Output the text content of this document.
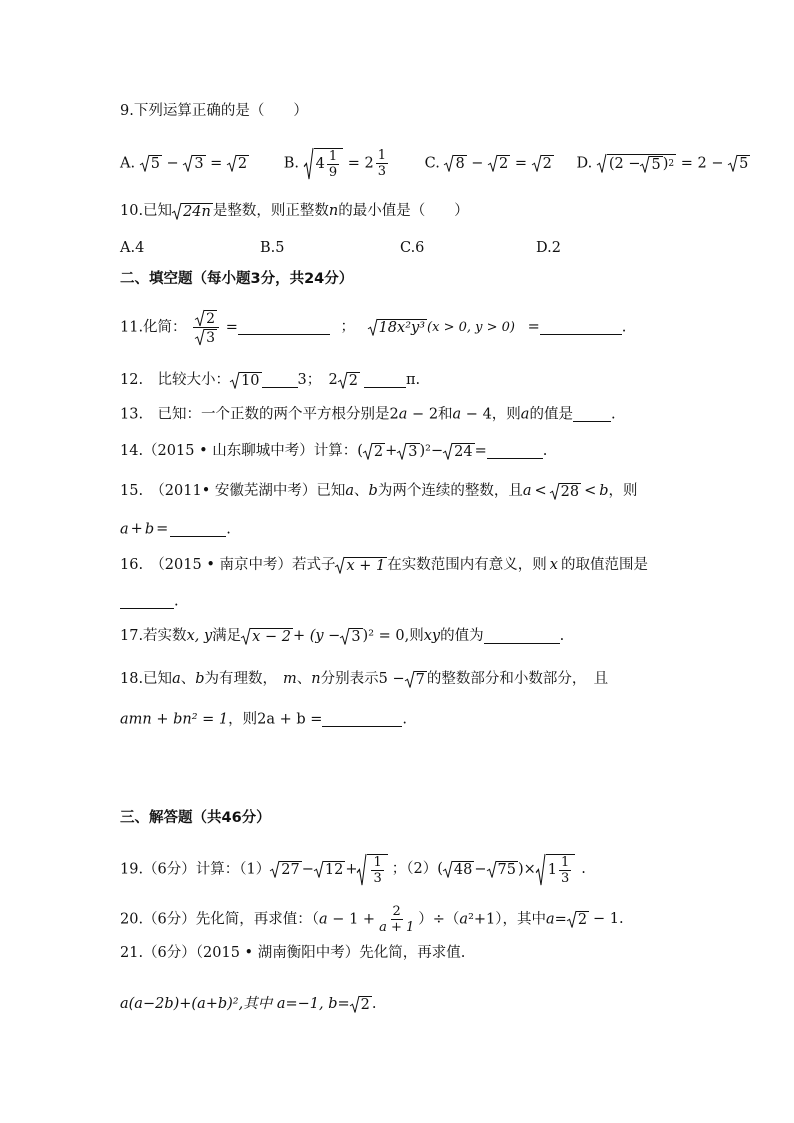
9.下列运算正确的是（　　）
A. 5 − 3 = 2	B. $4 \frac{1}{9} = 2 \frac{1}{3}$	C. 8 − 2 = 2 D. (2 − 5 ) 2 = 2 − 5
10.已知 24n 是整数，则正整数n的最小值是（　　）
A.4	B.5	C.6	D.2
二、填空题（每小题3分，共24分）
11.化简： $\frac{2}{3}$ =	； 18x²y³ (x > 0, y > 0) =	.
12.　比较大小： 10	3；　2 2	π.
13.　已知：一个正数的两个平方根分别是2a − 2和a − 4，则a的值是	.
14.（2015 • 山东聊城中考）计算：( 2 + 3 )²− 24 =	.
15.　（2011• 安徽芜湖中考）已知a、b为两个连续的整数，且a < 28 < b，则
a + b =	.
16.　（2015 • 南京中考）若式子 x + 1 在实数范围内有意义，则 x 的取值范围是
.
17.若实数x, y满足 x − 2 + (y − 3 )² = 0,则xy的值为	.
18.已知a、b为有理数， m、n分别表示5 − 7 的整数部分和小数部分，　且
amn + bn² = 1，则2a + b =	.
三、解答题（共46分）
19.（6分）计算：（1） $27 - 12 + \frac{1}{3}$ ；（2）( 48 − 75 )× $1 \frac{1}{3}$ .
20.（6分）先化简，再求值：$(a - 1 + \frac{2}{a + 1} )\div(a^2+1)$，其中a= 2 − 1.
21.（6分）（2015 • 湖南衡阳中考）先化简，再求值.
a(a−2b)+(a+b)²,其中 a=−1, b= 2 .
